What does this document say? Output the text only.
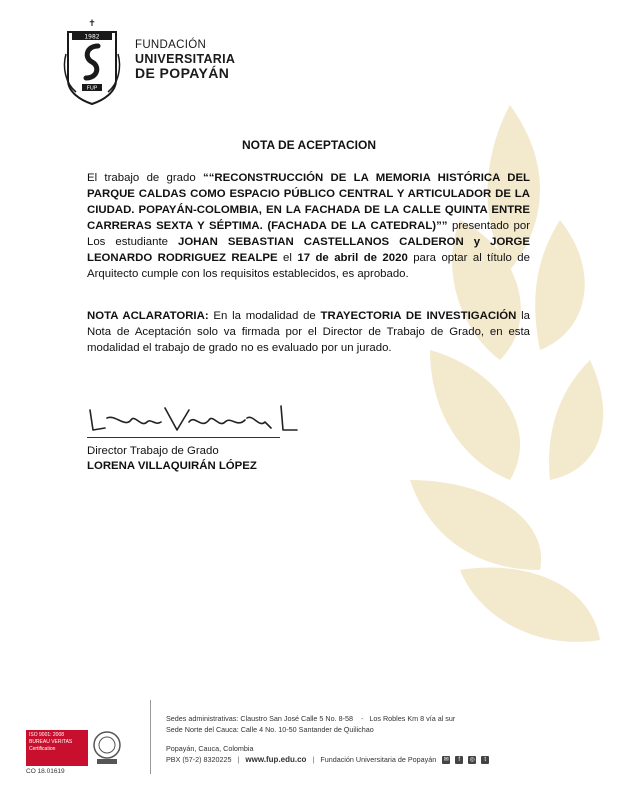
✝
1982
FUP
FUNDACIÓN
UNIVERSITARIA
DE POPAYÁN
NOTA DE ACEPTACION
El trabajo de grado ““RECONSTRUCCIÓN DE LA MEMORIA HISTÓRICA DEL PARQUE CALDAS COMO ESPACIO PÚBLICO CENTRAL Y ARTICULADOR DE LA CIUDAD. POPAYÁN-COLOMBIA, EN LA FACHADA DE LA CALLE QUINTA ENTRE CARRERAS SEXTA Y SÉPTIMA. (FACHADA DE LA CATEDRAL)”” presentado por Los estudiante JOHAN SEBASTIAN CASTELLANOS CALDERON y JORGE LEONARDO RODRIGUEZ REALPE el 17 de abril de 2020 para optar al título de Arquitecto cumple con los requisitos establecidos, es aprobado.
NOTA ACLARATORIA: En la modalidad de TRAYECTORIA DE INVESTIGACIÓN la Nota de Aceptación solo va firmada por el Director de Trabajo de Grado, en esta modalidad el trabajo de grado no es evaluado por un jurado.
Director Trabajo de Grado
LORENA VILLAQUIRÁN LÓPEZ
ISO 9001: 2008
BUREAU VERITAS Certification
CO 18.01619
Sedes administrativas: Claustro San José Calle 5 No. 8-58 - Los Robles Km 8 vía al sur
Sede Norte del Cauca: Calle 4 No. 10-50 Santander de Quilichao
Popayán, Cauca, Colombia
PBX (57-2) 8320225 | www.fup.edu.co | Fundación Universitaria de Popayán ✉	f	◎	t
